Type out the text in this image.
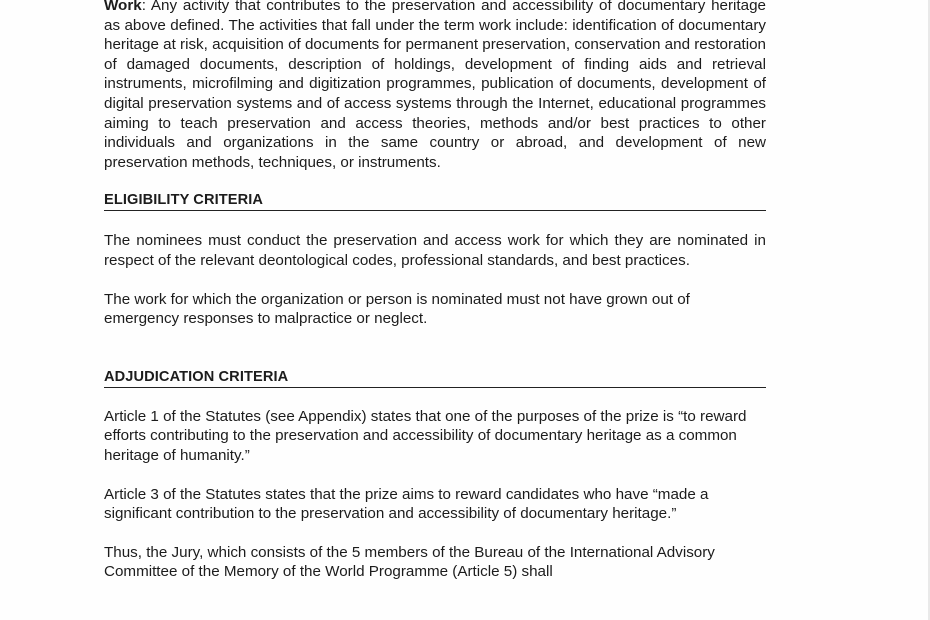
Work: Any activity that contributes to the preservation and accessibility of documentary heritage as above defined. The activities that fall under the term work include: identification of documentary heritage at risk, acquisition of documents for permanent preservation, conservation and restoration of damaged documents, description of holdings, development of finding aids and retrieval instruments, microfilming and digitization programmes, publication of documents, development of digital preservation systems and of access systems through the Internet, educational programmes aiming to teach preservation and access theories, methods and/or best practices to other individuals and organizations in the same country or abroad, and development of new preservation methods, techniques, or instruments.

ELIGIBILITY CRITERIA

The nominees must conduct the preservation and access work for which they are nominated in respect of the relevant deontological codes, professional standards, and best practices.

The work for which the organization or person is nominated must not have grown out of emergency responses to malpractice or neglect.

ADJUDICATION CRITERIA

Article 1 of the Statutes (see Appendix) states that one of the purposes of the prize is “to reward efforts contributing to the preservation and accessibility of documentary heritage as a common heritage of humanity.”

Article 3 of the Statutes states that the prize aims to reward candidates who have “made a significant contribution to the preservation and accessibility of documentary heritage.”

Thus, the Jury, which consists of the 5 members of the Bureau of the International Advisory Committee of the Memory of the World Programme (Article 5) shall
